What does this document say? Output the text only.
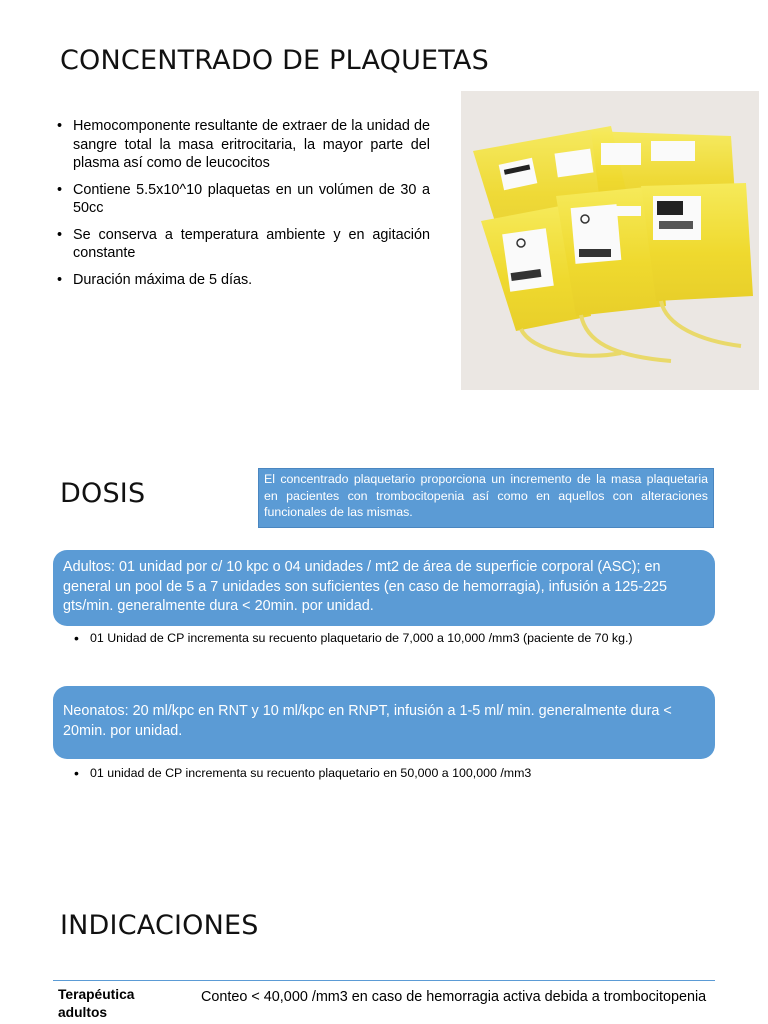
CONCENTRADO DE PLAQUETAS
• Hemocomponente resultante de extraer de la unidad de sangre total la masa eritrocitaria, la mayor parte del plasma así como de leucocitos
• Contiene 5.5x10^10 plaquetas en un volúmen de 30 a 50cc
• Se conserva a temperatura ambiente y en agitación constante
• Duración máxima de 5 días.
DOSIS	El concentrado plaquetario proporciona un incremento de la masa plaquetaria en pacientes con trombocitopenia así como en aquellos con alteraciones funcionales de las mismas.
Adultos: 01 unidad por c/ 10 kpc o 04 unidades / mt2 de área de superficie corporal (ASC); en general un pool de 5 a 7 unidades son suficientes (en caso de hemorragia), infusión a 125-225 gts/min. generalmente dura < 20min. por unidad.
• 01 Unidad de CP incrementa su recuento plaquetario de 7,000 a 10,000 /mm3 (paciente de 70 kg.)
Neonatos: 20 ml/kpc en RNT y 10 ml/kpc en RNPT, infusión a 1-5 ml/ min. generalmente dura < 20min. por unidad.
• 01 unidad de CP incrementa su recuento plaquetario en 50,000 a 100,000 /mm3
INDICACIONES
Terapéutica adultos
Conteo < 40,000 /mm3 en caso de hemorragia activa debida a trombocitopenia
